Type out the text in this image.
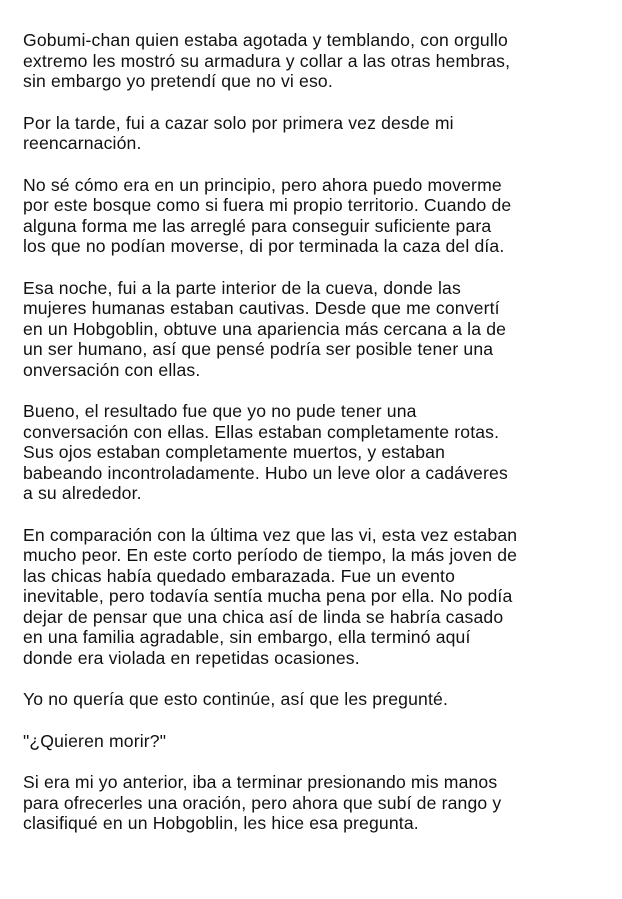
Gobumi-chan quien estaba agotada y temblando, con orgullo
extremo les mostró su armadura y collar a las otras hembras,
sin embargo yo pretendí que no vi eso.
Por la tarde, fui a cazar solo por primera vez desde mi
reencarnación.
No sé cómo era en un principio, pero ahora puedo moverme
por este bosque como si fuera mi propio territorio. Cuando de
alguna forma me las arreglé para conseguir suficiente para
los que no podían moverse, di por terminada la caza del día.
Esa noche, fui a la parte interior de la cueva, donde las
mujeres humanas estaban cautivas. Desde que me convertí
en un Hobgoblin, obtuve una apariencia más cercana a la de
un ser humano, así que pensé podría ser posible tener una
onversación con ellas.
Bueno, el resultado fue que yo no pude tener una
conversación con ellas. Ellas estaban completamente rotas.
Sus ojos estaban completamente muertos, y estaban
babeando incontroladamente. Hubo un leve olor a cadáveres
a su alrededor.
En comparación con la última vez que las vi, esta vez estaban
mucho peor. En este corto período de tiempo, la más joven de
las chicas había quedado embarazada. Fue un evento
inevitable, pero todavía sentía mucha pena por ella. No podía
dejar de pensar que una chica así de linda se habría casado
en una familia agradable, sin embargo, ella terminó aquí
donde era violada en repetidas ocasiones.
Yo no quería que esto continúe, así que les pregunté.
"¿Quieren morir?"
Si era mi yo anterior, iba a terminar presionando mis manos
para ofrecerles una oración, pero ahora que subí de rango y
clasifiqué en un Hobgoblin, les hice esa pregunta.
